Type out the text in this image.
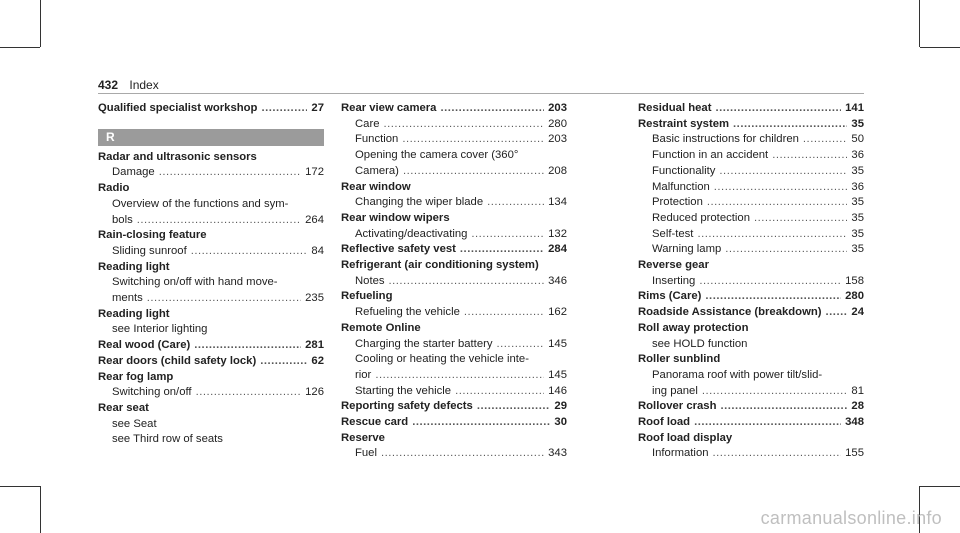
432 Index
Qualified specialist workshop .....	27
R
Radar and ultrasonic sensors
Damage .....	172
Radio
Overview of the functions and sym-
bols .....	264
Rain-closing feature
Sliding sunroof .....	84
Reading light
Switching on/off with hand move-
ments .....	235
Reading light
see Interior lighting
Real wood (Care) .....	281
Rear doors (child safety lock) .....	62
Rear fog lamp
Switching on/off .....	126
Rear seat
see Seat
see Third row of seats
Rear view camera .....	203
Care .....	280
Function .....	203
Opening the camera cover (360°
Camera) .....	208
Rear window
Changing the wiper blade .....	134
Rear window wipers
Activating/deactivating .....	132
Reflective safety vest .....	284
Refrigerant (air conditioning system)
Notes .....	346
Refueling
Refueling the vehicle .....	162
Remote Online
Charging the starter battery .....	145
Cooling or heating the vehicle inte-
rior .....	145
Starting the vehicle .....	146
Reporting safety defects .....	29
Rescue card .....	30
Reserve
Fuel .....	343
Residual heat .....	141
Restraint system .....	35
Basic instructions for children .....	50
Function in an accident .....	36
Functionality .....	35
Malfunction .....	36
Protection .....	35
Reduced protection .....	35
Self-test .....	35
Warning lamp .....	35
Reverse gear
Inserting .....	158
Rims (Care) .....	280
Roadside Assistance (breakdown) .....	24
Roll away protection
see HOLD function
Roller sunblind
Panorama roof with power tilt/slid-
ing panel .....	81
Rollover crash .....	28
Roof load .....	348
Roof load display
Information .....	155
carmanualsonline.info
